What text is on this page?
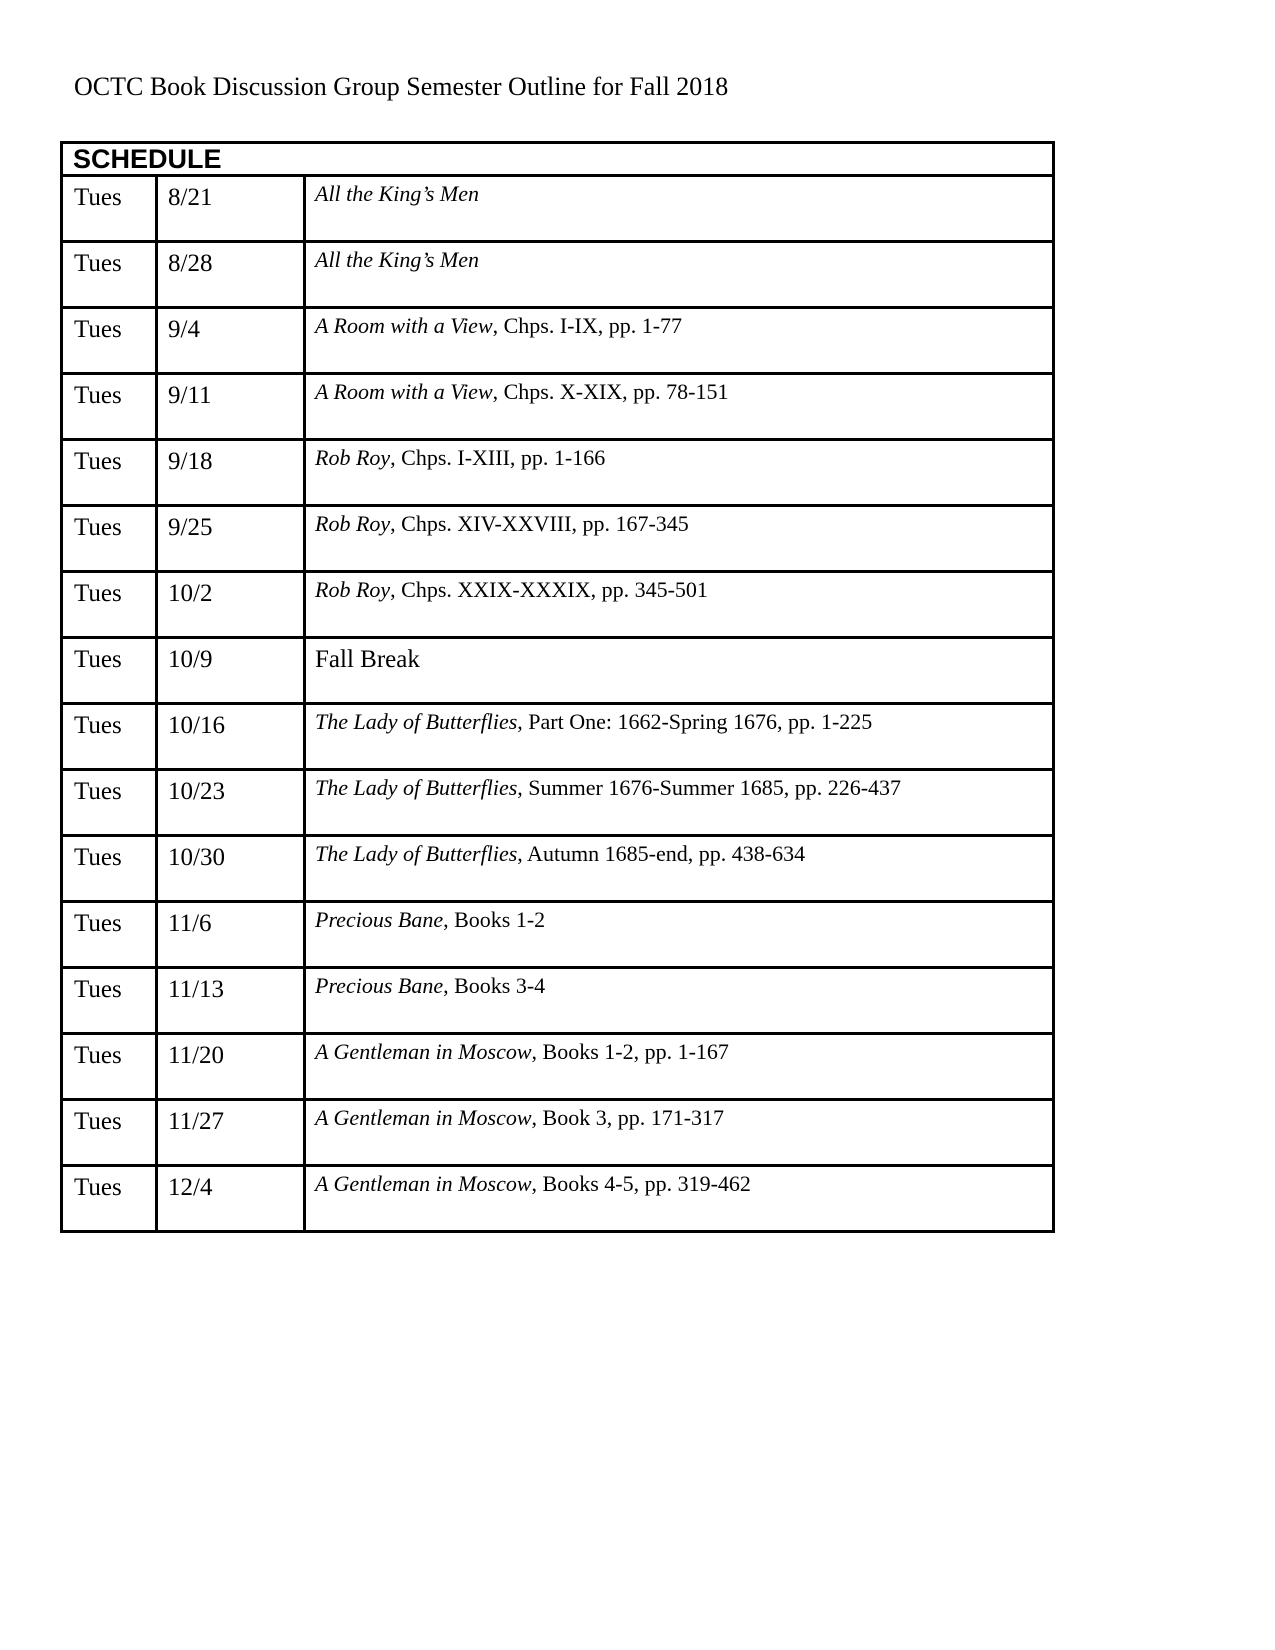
OCTC Book Discussion Group Semester Outline for Fall 2018
SCHEDULE		

Tues	8/21	All the King’s Men

Tues	8/28	All the King’s Men

Tues	9/4	A Room with a View, Chps. I-IX, pp. 1-77

Tues	9/11	A Room with a View, Chps. X-XIX, pp. 78-151

Tues	9/18	Rob Roy, Chps. I-XIII, pp. 1-166

Tues	9/25	Rob Roy, Chps. XIV-XXVIII, pp. 167-345

Tues	10/2	Rob Roy, Chps. XXIX-XXXIX, pp. 345-501

Tues	10/9	Fall Break

Tues	10/16	The Lady of Butterflies, Part One: 1662-Spring 1676, pp. 1-225

Tues	10/23	The Lady of Butterflies, Summer 1676-Summer 1685, pp. 226-437

Tues	10/30	The Lady of Butterflies, Autumn 1685-end, pp. 438-634

Tues	11/6	Precious Bane, Books 1-2

Tues	11/13	Precious Bane, Books 3-4

Tues	11/20	A Gentleman in Moscow, Books 1-2, pp. 1-167

Tues	11/27	A Gentleman in Moscow, Book 3, pp. 171-317

Tues	12/4	A Gentleman in Moscow, Books 4-5, pp. 319-462
